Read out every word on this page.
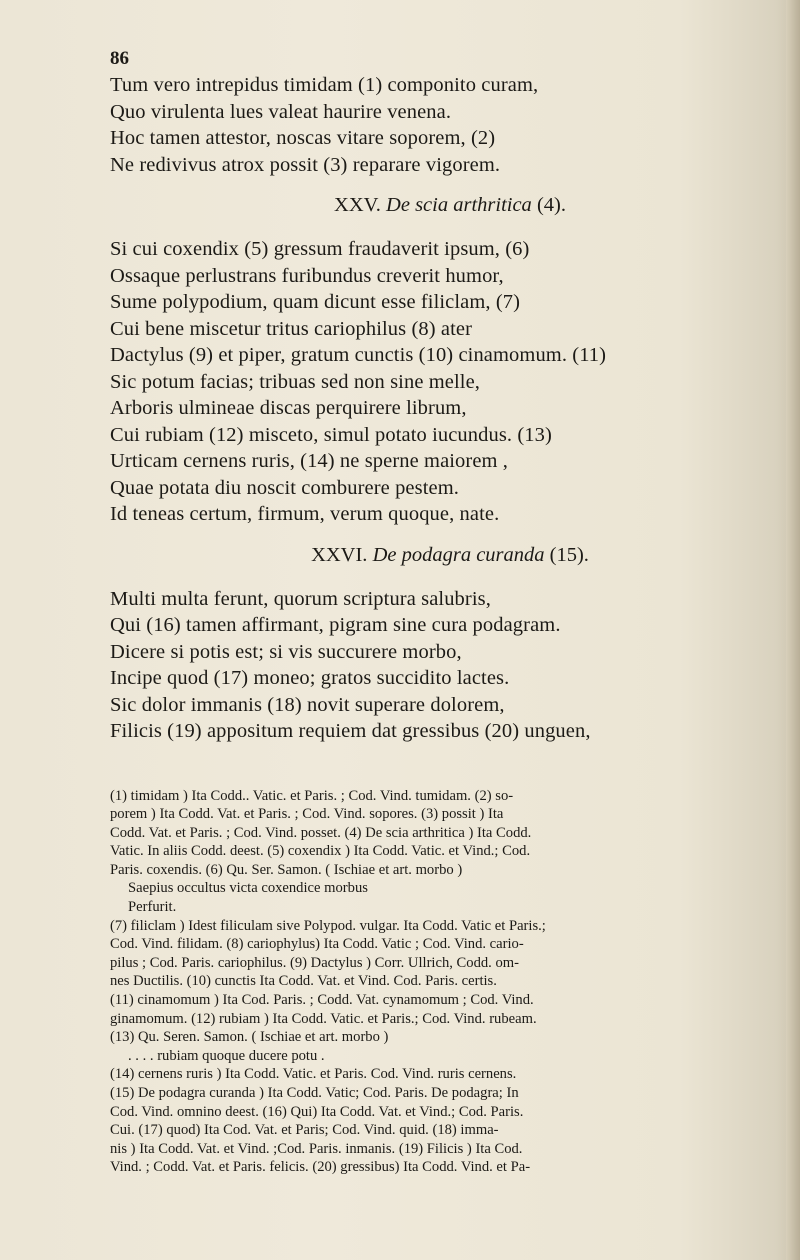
86
Tum vero intrepidus timidam (1) componito curam,
Quo virulenta lues valeat haurire venena.
Hoc tamen attestor, noscas vitare soporem, (2)
Ne redivivus atrox possit (3) reparare vigorem.
XXV. De scia arthritica (4).
Si cui coxendix (5) gressum fraudaverit ipsum, (6)
Ossaque perlustrans furibundus creverit humor,
Sume polypodium, quam dicunt esse filiclam, (7)
Cui bene miscetur tritus cariophilus (8) ater
Dactylus (9) et piper, gratum cunctis (10) cinamomum. (11)
Sic potum facias; tribuas sed non sine melle,
Arboris ulmineae discas perquirere librum,
Cui rubiam (12) misceto, simul potato iucundus. (13)
Urticam cernens ruris, (14) ne sperne maiorem ,
Quae potata diu noscit comburere pestem.
Id teneas certum, firmum, verum quoque, nate.
XXVI. De podagra curanda (15).
Multi multa ferunt, quorum scriptura salubris,
Qui (16) tamen affirmant, pigram sine cura podagram.
Dicere si potis est; si vis succurere morbo,
Incipe quod (17) moneo; gratos succidito lactes.
Sic dolor immanis (18) novit superare dolorem,
Filicis (19) appositum requiem dat gressibus (20) unguen,
(1) timidam ) Ita Codd.. Vatic. et Paris. ; Cod. Vind. tumidam. (2) so-
porem ) Ita Codd. Vat. et Paris. ; Cod. Vind. sopores. (3) possit ) Ita
Codd. Vat. et Paris. ; Cod. Vind. posset. (4) De scia arthritica ) Ita Codd.
Vatic. In aliis Codd. deest. (5) coxendix ) Ita Codd. Vatic. et Vind.; Cod.
Paris. coxendis. (6) Qu. Ser. Samon. ( Ischiae et art. morbo )
Saepius occultus victa coxendice morbus
Perfurit.
(7) filiclam ) Idest filiculam sive Polypod. vulgar. Ita Codd. Vatic et Paris.;
Cod. Vind. filidam. (8) cariophylus) Ita Codd. Vatic ; Cod. Vind. cario-
pilus ; Cod. Paris. cariophilus. (9) Dactylus ) Corr. Ullrich, Codd. om-
nes Ductilis. (10) cunctis Ita Codd. Vat. et Vind. Cod. Paris. certis.
(11) cinamomum ) Ita Cod. Paris. ; Codd. Vat. cynamomum ; Cod. Vind.
ginamomum. (12) rubiam ) Ita Codd. Vatic. et Paris.; Cod. Vind. rubeam.
(13) Qu. Seren. Samon. ( Ischiae et art. morbo )
. . . . rubiam quoque ducere potu .
(14) cernens ruris ) Ita Codd. Vatic. et Paris. Cod. Vind. ruris cernens.
(15) De podagra curanda ) Ita Codd. Vatic; Cod. Paris. De podagra; In
Cod. Vind. omnino deest. (16) Qui) Ita Codd. Vat. et Vind.; Cod. Paris.
Cui. (17) quod) Ita Cod. Vat. et Paris; Cod. Vind. quid. (18) imma-
nis ) Ita Codd. Vat. et Vind. ;Cod. Paris. inmanis. (19) Filicis ) Ita Cod.
Vind. ; Codd. Vat. et Paris. felicis. (20) gressibus) Ita Codd. Vind. et Pa-
